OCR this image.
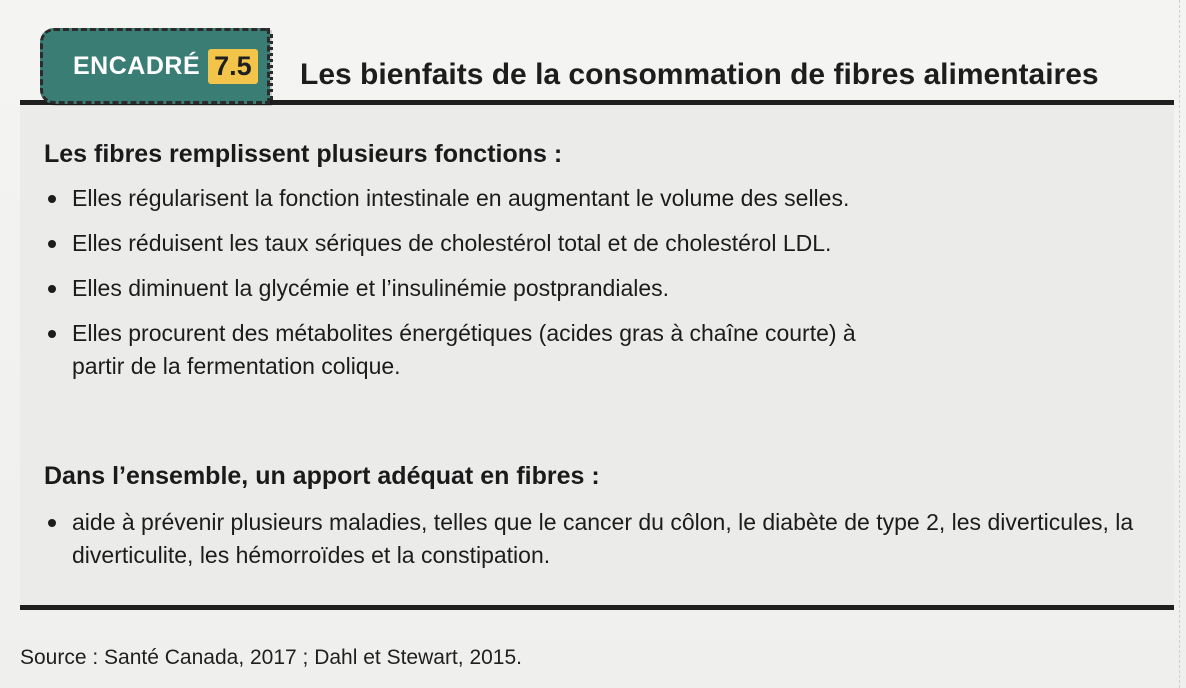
ENCADRÉ 7.5 Les bienfaits de la consommation de fibres alimentaires
Les fibres remplissent plusieurs fonctions :
Elles régularisent la fonction intestinale en augmentant le volume des selles.
Elles réduisent les taux sériques de cholestérol total et de cholestérol LDL.
Elles diminuent la glycémie et l’insulinémie postprandiales.
Elles procurent des métabolites énergétiques (acides gras à chaîne courte) à partir de la fermentation colique.
Dans l’ensemble, un apport adéquat en fibres :
aide à prévenir plusieurs maladies, telles que le cancer du côlon, le diabète de type 2, les diverticules, la diverticulite, les hémorroïdes et la constipation.
Source : Santé Canada, 2017 ; Dahl et Stewart, 2015.
